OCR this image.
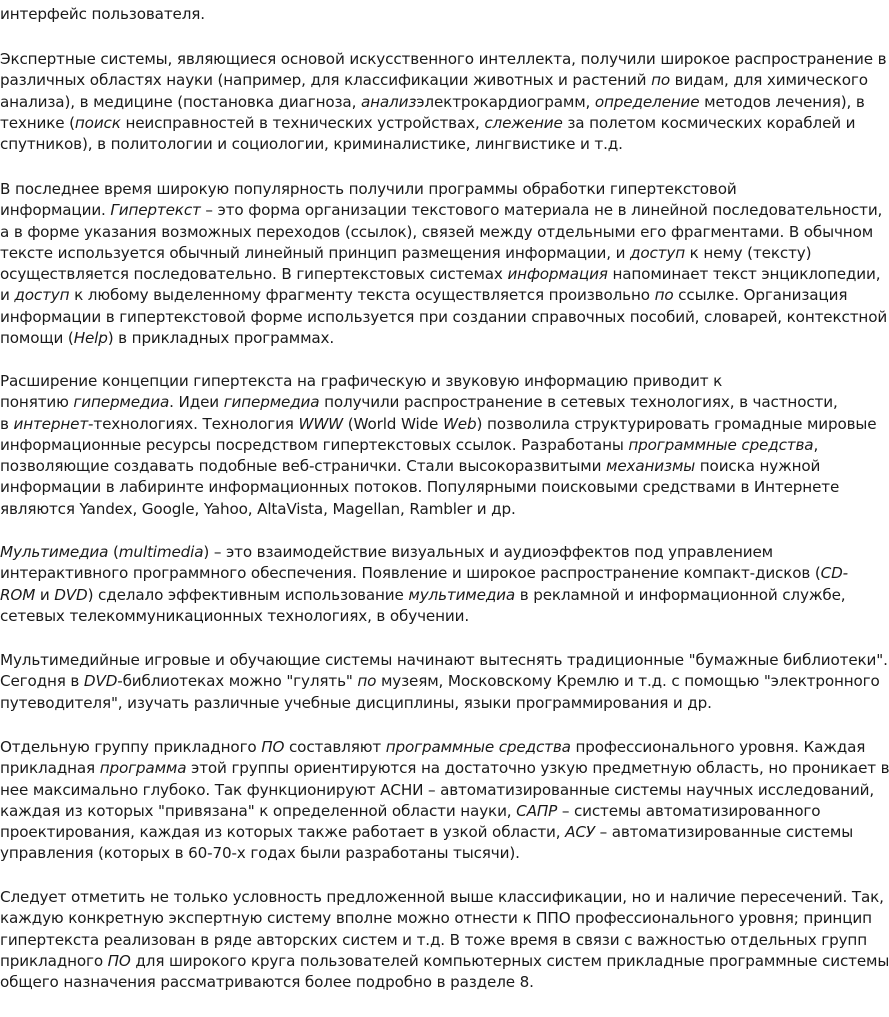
интерфейс пользователя.
Экспертные системы, являющиеся основой искусственного интеллекта, получили широкое распространение в
различных областях науки (например, для классификации животных и растений по видам, для химического
анализа), в медицине (постановка диагноза, анализэлектрокардиограмм, определение методов лечения), в
технике (поиск неисправностей в технических устройствах, слежение за полетом космических кораблей и
спутников), в политологии и социологии, криминалистике, лингвистике и т.д.
В последнее время широкую популярность получили программы обработки гипертекстовой
информации. Гипертекст – это форма организации текстового материала не в линейной последовательности,
а в форме указания возможных переходов (ссылок), связей между отдельными его фрагментами. В обычном
тексте используется обычный линейный принцип размещения информации, и доступ к нему (тексту)
осуществляется последовательно. В гипертекстовых системах информация напоминает текст энциклопедии,
и доступ к любому выделенному фрагменту текста осуществляется произвольно по ссылке. Организация
информации в гипертекстовой форме используется при создании справочных пособий, словарей, контекстной
помощи (Help) в прикладных программах.
Расширение концепции гипертекста на графическую и звуковую информацию приводит к
понятию гипермедиа. Идеи гипермедиа получили распространение в сетевых технологиях, в частности,
в интернет-технологиях. Технология WWW (World Wide Web) позволила структурировать громадные мировые
информационные ресурсы посредством гипертекстовых ссылок. Разработаны программные средства,
позволяющие создавать подобные веб-странички. Стали высокоразвитыми механизмы поиска нужной
информации в лабиринте информационных потоков. Популярными поисковыми средствами в Интернете
являются Yandex, Google, Yahoo, AltaVista, Magellan, Rambler и др.
Мультимедиа (multimedia) – это взаимодействие визуальных и аудиоэффектов под управлением
интерактивного программного обеспечения. Появление и широкое распространение компакт-дисков (CD-
ROM и DVD) сделало эффективным использование мультимедиа в рекламной и информационной службе,
сетевых телекоммуникационных технологиях, в обучении.
Мультимедийные игровые и обучающие системы начинают вытеснять традиционные "бумажные библиотеки".
Сегодня в DVD-библиотеках можно "гулять" по музеям, Московскому Кремлю и т.д. с помощью "электронного
путеводителя", изучать различные учебные дисциплины, языки программирования и др.
Отдельную группу прикладного ПО составляют программные средства профессионального уровня. Каждая
прикладная программа этой группы ориентируются на достаточно узкую предметную область, но проникает в
нее максимально глубоко. Так функционируют АСНИ – автоматизированные системы научных исследований,
каждая из которых "привязана" к определенной области науки, САПР – системы автоматизированного
проектирования, каждая из которых также работает в узкой области, АСУ – автоматизированные системы
управления (которых в 60-70-х годах были разработаны тысячи).
Следует отметить не только условность предложенной выше классификации, но и наличие пересечений. Так,
каждую конкретную экспертную систему вполне можно отнести к ППО профессионального уровня; принцип
гипертекста реализован в ряде авторских систем и т.д. В тоже время в связи с важностью отдельных групп
прикладного ПО для широкого круга пользователей компьютерных систем прикладные программные системы
общего назначения рассматриваются более подробно в разделе 8.
